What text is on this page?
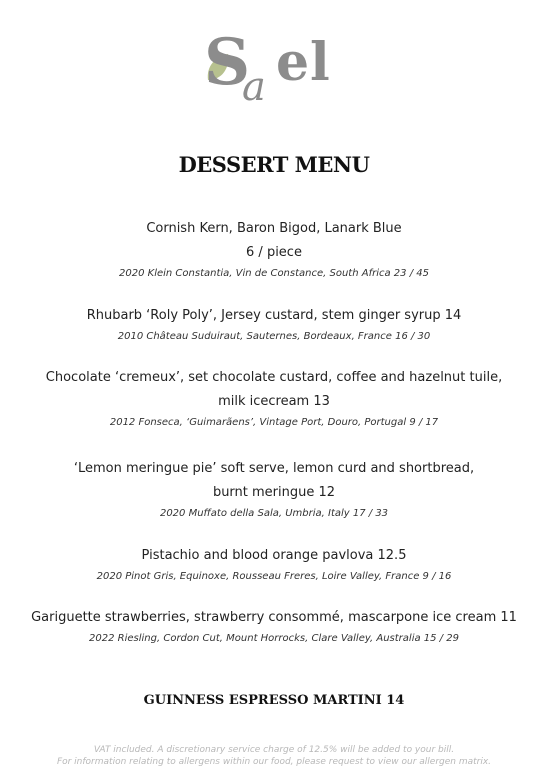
S
a e l
DESSERT MENU
Cornish Kern, Baron Bigod, Lanark Blue
6 / piece
2020 Klein Constantia, Vin de Constance, South Africa 23 / 45
Rhubarb ‘Roly Poly’, Jersey custard, stem ginger syrup 14
2010 Château Suduiraut, Sauternes, Bordeaux, France 16 / 30
Chocolate ‘cremeux’, set chocolate custard, coffee and hazelnut tuile,
milk icecream 13
2012 Fonseca, ‘Guimarãens’, Vintage Port, Douro, Portugal 9 / 17
‘Lemon meringue pie’ soft serve, lemon curd and shortbread,
burnt meringue 12
2020 Muffato della Sala, Umbria, Italy 17 / 33
Pistachio and blood orange pavlova 12.5
2020 Pinot Gris, Equinoxe, Rousseau Freres, Loire Valley, France 9 / 16
Gariguette strawberries, strawberry consommé, mascarpone ice cream 11
2022 Riesling, Cordon Cut, Mount Horrocks, Clare Valley, Australia 15 / 29
GUINNESS ESPRESSO MARTINI 14
VAT included. A discretionary service charge of 12.5% will be added to your bill.
For information relating to allergens within our food, please request to view our allergen matrix.
